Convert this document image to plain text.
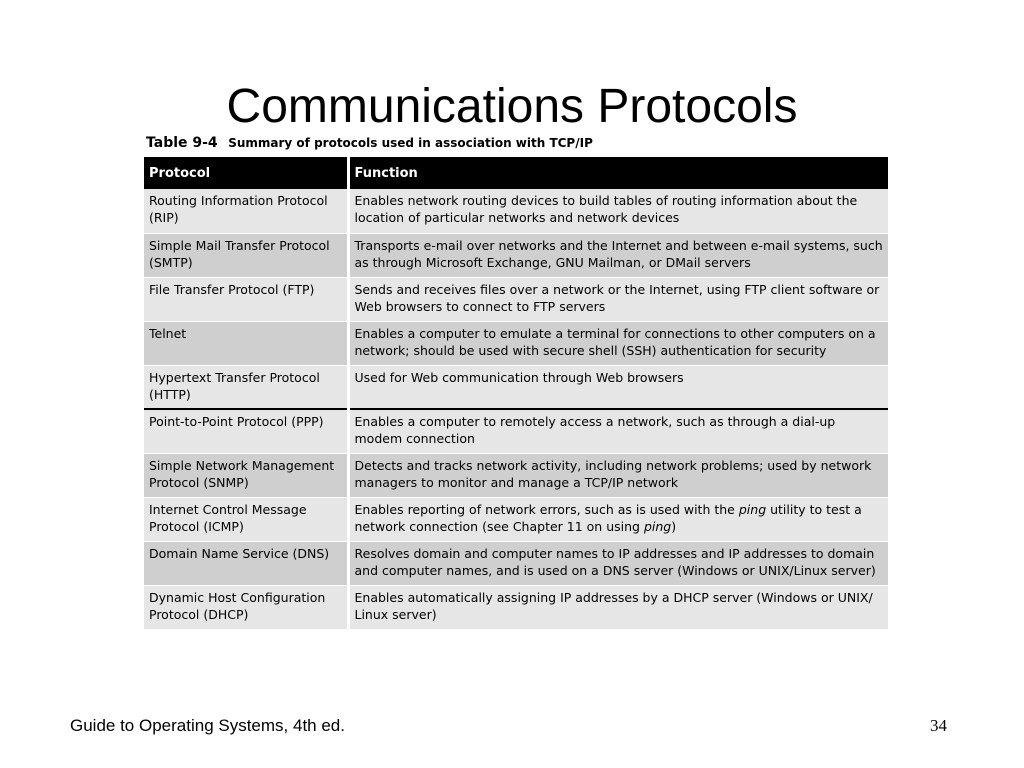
Communications Protocols
Table 9-4 Summary of protocols used in association with TCP/IP
Protocol	Function
Routing Information Protocol (RIP)	Enables network routing devices to build tables of routing information about the location of particular networks and network devices
Simple Mail Transfer Protocol (SMTP)	Transports e-mail over networks and the Internet and between e-mail systems, such as through Microsoft Exchange, GNU Mailman, or DMail servers
File Transfer Protocol (FTP)	Sends and receives files over a network or the Internet, using FTP client software or Web browsers to connect to FTP servers
Telnet	Enables a computer to emulate a terminal for connections to other computers on a network; should be used with secure shell (SSH) authentication for security
Hypertext Transfer Protocol (HTTP)	Used for Web communication through Web browsers
Point-to-Point Protocol (PPP)	Enables a computer to remotely access a network, such as through a dial-up modem connection
Simple Network Management Protocol (SNMP)	Detects and tracks network activity, including network problems; used by network managers to monitor and manage a TCP/IP network
Internet Control Message Protocol (ICMP)	Enables reporting of network errors, such as is used with the ping utility to test a network connection (see Chapter 11 on using ping)
Domain Name Service (DNS)	Resolves domain and computer names to IP addresses and IP addresses to domain and computer names, and is used on a DNS server (Windows or UNIX/Linux server)
Dynamic Host Configuration Protocol (DHCP)	Enables automatically assigning IP addresses by a DHCP server (Windows or UNIX/ Linux server)
Guide to Operating Systems, 4th ed.	34
